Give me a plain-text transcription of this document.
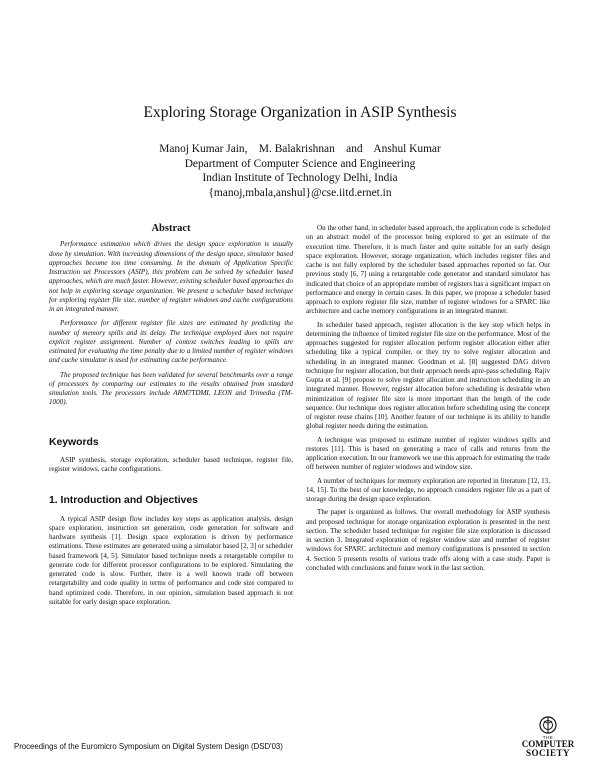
Exploring Storage Organization in ASIP Synthesis
Manoj Kumar Jain,    M. Balakrishnan    and    Anshul Kumar
Department of Computer Science and Engineering
Indian Institute of Technology Delhi, India
{manoj,mbala,anshul}@cse.iitd.ernet.in
Abstract

Performance estimation which drives the design space exploration is usually done by simulation. With increasing dimensions of the design space, simulator based approaches become too time consuming. In the domain of Application Specific Instruction set Processors (ASIP), this problem can be solved by scheduler based approaches, which are much faster. However, existing scheduler based approaches do not help in exploring storage organization. We present a scheduler based technique for exploring register file size, number of register windows and cache configurations in an integrated manner.

Performance for different register file sizes are estimated by predicting the number of memory spills and its delay. The technique employed does not require explicit register assignment. Number of context switches leading to spills are estimated for evaluating the time penalty due to a limited number of register windows and cache simulator is used for estimating cache performance.

The proposed technique has been validated for several benchmarks over a range of processors by comparing our estimates to the results obtained from standard simulation tools. The processors include ARM7TDMI, LEON and Trimedia (TM-1000).

Keywords

ASIP synthesis, storage exploration, scheduler based technique, register file, register windows, cache configurations.

1. Introduction and Objectives

A typical ASIP design flow includes key steps as application analysis, design space exploration, instruction set generation, code generation for software and hardware synthesis [1]. Design space exploration is driven by performance estimations. These estimates are generated using a simulator based [2, 3] or scheduler based framework [4, 5]. Simulator based technique needs a retargetable compiler to generate code for different processor configurations to be explored. Simulating the generated code is slow. Further, there is a well known trade off between retargetability and code quality in terms of performance and code size compared to hand optimized code. Therefore, in our opinion, simulation based approach is not suitable for early design space exploration.

On the other hand, in scheduler based approach, the application code is scheduled on an abstract model of the processor being explored to get an estimate of the execution time. Therefore, it is much faster and quite suitable for an early design space exploration. However, storage organization, which includes register files and cache is not fully explored by the scheduler based approaches reported so far. Our previous study [6, 7] using a retargetable code generator and standard simulator has indicated that choice of an appropriate number of registers has a significant impact on performance and energy in certain cases. In this paper, we propose a scheduler based approach to explore register file size, number of register windows for a SPARC like architecture and cache memory configurations in an integrated manner.

In scheduler based approach, register allocation is the key step which helps in determining the influence of limited register file size on the performance. Most of the approaches suggested for register allocation perform register allocation either after scheduling like a typical compiler, or they try to solve register allocation and scheduling in an integrated manner. Goodman et al. [8] suggested DAG driven technique for register allocation, but their approach needs apre-pass scheduling. Rajiv Gupta et al. [9] propose to solve register allocation and instruction scheduling in an integrated manner. However, register allocation before scheduling is desirable when minimization of register file size is more important than the length of the code sequence. Our technique does register allocation before scheduling using the concept of register reuse chains [10]. Another feature of our technique is its ability to handle global register needs during the estimation.

A technique was proposed to estimate number of register windows spills and restores [11]. This is based on generating a trace of calls and returns from the application execution. In our framework we use this approach for estimating the trade off between number of register windows and window size.

A number of techniques for memory exploration are reported in literature [12, 13, 14, 15]. To the best of our knowledge, no approach considers register file as a part of storage during the design space exploration.

The paper is organized as follows. Our overall methodology for ASIP synthesis and proposed technique for storage organization exploration is presented in the next section. The scheduler based technique for register file size exploration is discussed in section 3. Integrated exploration of register window size and number of register windows for SPARC architecture and memory configurations is presented in section 4. Section 5 presents results of various trade offs along with a case study. Paper is concluded with conclusions and future work in the last section.

Proceedings of the Euromicro Symposium on Digital System Design (DSD'03)
THE
COMPUTER
SOCIETY
